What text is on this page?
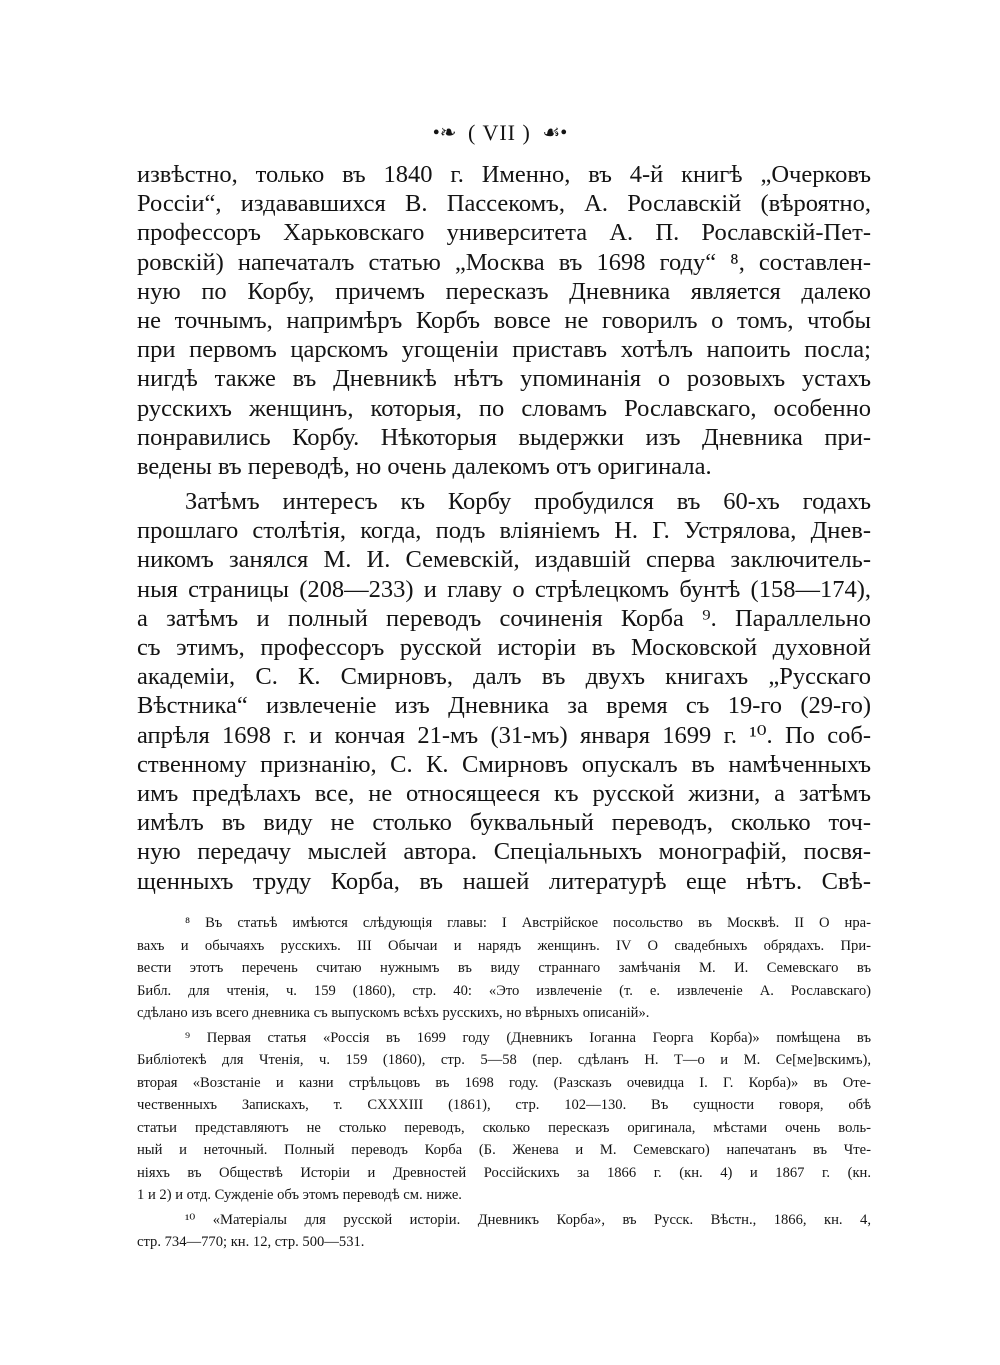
•❧ ( VII ) ☙•
извѣстно, только въ 1840 г. Именно, въ 4-й книгѣ „Очерковъ
Россіи“, издававшихся В. Пассекомъ, А. Рославскій (вѣроятно,
профессоръ Харьковскаго университета А. П. Рославскій-Пет-
ровскій) напечаталъ статью „Москва въ 1698 году“ ⁸, составлен-
ную по Корбу, причемъ пересказъ Дневника является далеко
не точнымъ, напримѣръ Корбъ вовсе не говорилъ о томъ, чтобы
при первомъ царскомъ угощеніи приставъ хотѣлъ напоить посла;
нигдѣ также въ Дневникѣ нѣтъ упоминанія о розовыхъ устахъ
русскихъ женщинъ, которыя, по словамъ Рославскаго, особенно
понравились Корбу. Нѣкоторыя выдержки изъ Дневника при-
ведены въ переводѣ, но очень далекомъ отъ оригинала.
Затѣмъ интересъ къ Корбу пробудился въ 60-хъ годахъ
прошлаго столѣтія, когда, подъ вліяніемъ Н. Г. Устрялова, Днев-
никомъ занялся М. И. Семевскій, издавшій сперва заключитель-
ныя страницы (208—233) и главу о стрѣлецкомъ бунтѣ (158—174),
а затѣмъ и полный переводъ сочиненія Корба ⁹. Параллельно
съ этимъ, профессоръ русской исторіи въ Московской духовной
академіи, С. К. Смирновъ, далъ въ двухъ книгахъ „Русскаго
Вѣстника“ извлеченіе изъ Дневника за время съ 19-го (29-го)
апрѣля 1698 г. и кончая 21-мъ (31-мъ) января 1699 г. ¹⁰. По соб-
ственному признанію, С. К. Смирновъ опускалъ въ намѣченныхъ
имъ предѣлахъ все, не относящееся къ русской жизни, а затѣмъ
имѣлъ въ виду не столько буквальный переводъ, сколько точ-
ную передачу мыслей автора. Спеціальныхъ монографій, посвя-
щенныхъ труду Корба, въ нашей литературѣ еще нѣтъ. Свѣ-
⁸ Въ статьѣ имѣются слѣдующія главы: I Австрійское посольство въ Москвѣ. II О нра-
вахъ и обычаяхъ русскихъ. III Обычаи и нарядъ женщинъ. IV О свадебныхъ обрядахъ. При-
вести этотъ перечень считаю нужнымъ въ виду страннаго замѣчанія М. И. Семевскаго въ
Библ. для чтенія, ч. 159 (1860), стр. 40: «Это извлеченіе (т. е. извлеченіе А. Рославскаго)
сдѣлано изъ всего дневника съ выпускомъ всѣхъ русскихъ, но вѣрныхъ описаній».
⁹ Первая статья «Россія въ 1699 году (Дневникъ Іоганна Георга Корба)» помѣщена въ
Библіотекѣ для Чтенія, ч. 159 (1860), стр. 5—58 (пер. сдѣланъ Н. Т—о и М. Се[ме]вскимъ),
вторая «Возстаніе и казни стрѣльцовъ въ 1698 году. (Разсказъ очевидца І. Г. Корба)» въ Оте-
чественныхъ Запискахъ, т. CXXXIII (1861), стр. 102—130. Въ сущности говоря, обѣ
статьи представляютъ не столько переводъ, сколько пересказъ оригинала, мѣстами очень воль-
ный и неточный. Полный переводъ Корба (Б. Женева и М. Семевскаго) напечатанъ въ Чте-
ніяхъ въ Обществѣ Исторіи и Древностей Россійскихъ за 1866 г. (кн. 4) и 1867 г. (кн.
1 и 2) и отд. Сужденіе объ этомъ переводѣ см. ниже.
¹⁰ «Матеріалы для русской исторіи. Дневникъ Корба», въ Русск. Вѣстн., 1866, кн. 4,
стр. 734—770; кн. 12, стр. 500—531.
